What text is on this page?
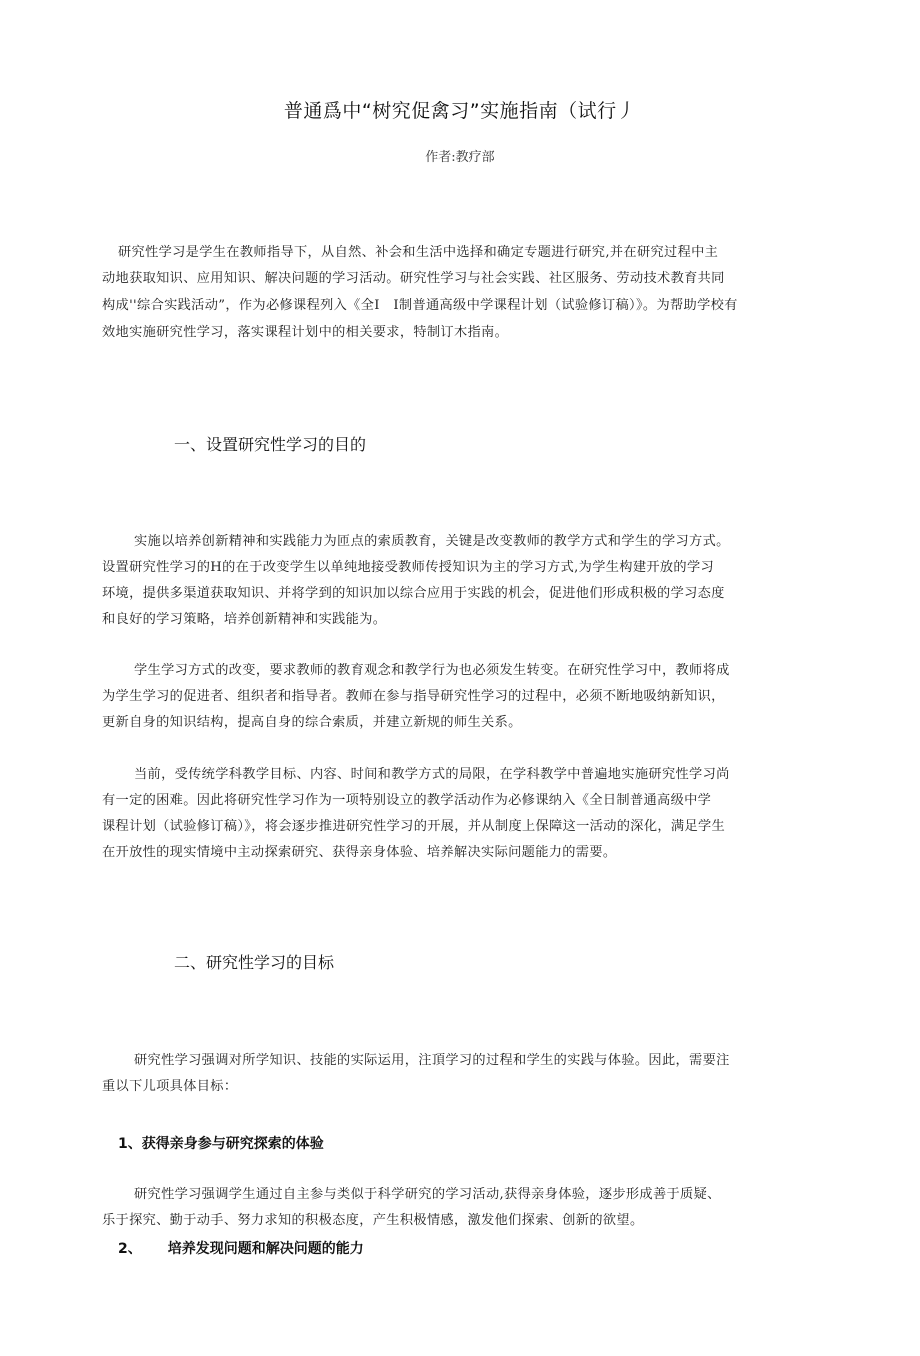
普通爲中“树究促禽习”实施指南（试行丿
作者:教疗部
研究性学习是学生在教师指导下，从自然、补会和生活中选择和确定专题进行研究,并在研究过程中主
动地获取知识、应用知识、解决问题的学习活动。研究性学习与社会实践、社区服务、劳动技术教育共同
构成''综合实践活动”，作为必修课程列入《全I　I制普通高级中学课程计划（试验修订稿）》。为帮助学校有
效地实施研究性学习，落实课程计划中的相关要求，特制订木指南。
一、设置研究性学习的目的
实施以培养创新精神和实践能力为匝点的索质教育，关键是改变教师的教学方式和学生的学习方式。
设置研究性学习的H的在于改变学生以单纯地接受教师传授知识为主的学习方式,为学生构建开放的学习
环境，提供多渠道获取知识、并将学到的知识加以综合应用于实践的机会，促进他们形成积极的学习态度
和良好的学习策略，培养创新精神和实践能为。
学生学习方式的改变，要求教师的教育观念和教学行为也必须发生转变。在研究性学习中，教师将成
为学生学习的促进者、组织者和指导者。教师在参与指导研究性学习的过程中，必须不断地吸纳新知识，
更新自身的知识结构，提高自身的综合索质，并建立新规的师生关系。
当前，受传统学科教学目标、内容、时间和教学方式的局限，在学科教学中普遍地实施研究性学习尚
有一定的困难。因此将研究性学习作为一项特别设立的教学活动作为必修课纳入《全日制普通高级中学
课程计划（试验修订稿）》，将会逐步推进研究性学习的开展，并从制度上保障这一活动的深化，满足学生
在开放性的现实情境中主动探索研究、获得亲身体验、培养解决实际问题能力的需要。
二、研究性学习的目标
研究性学习强调对所学知识、技能的实际运用，注頂学习的过程和学生的实践与体验。因此，需要注
重以下儿项具体目标：
1、获得亲身参与研究探索的体验
研究性学习强调学生通过自主参与类似于科学研究的学习活动,获得亲身体验，逐步形成善于质疑、
乐于探究、勤于动手、努力求知的积极态度，产生积极情感，激发他们探索、创新的欲望。
2、 培养发现问题和解决问题的能力
